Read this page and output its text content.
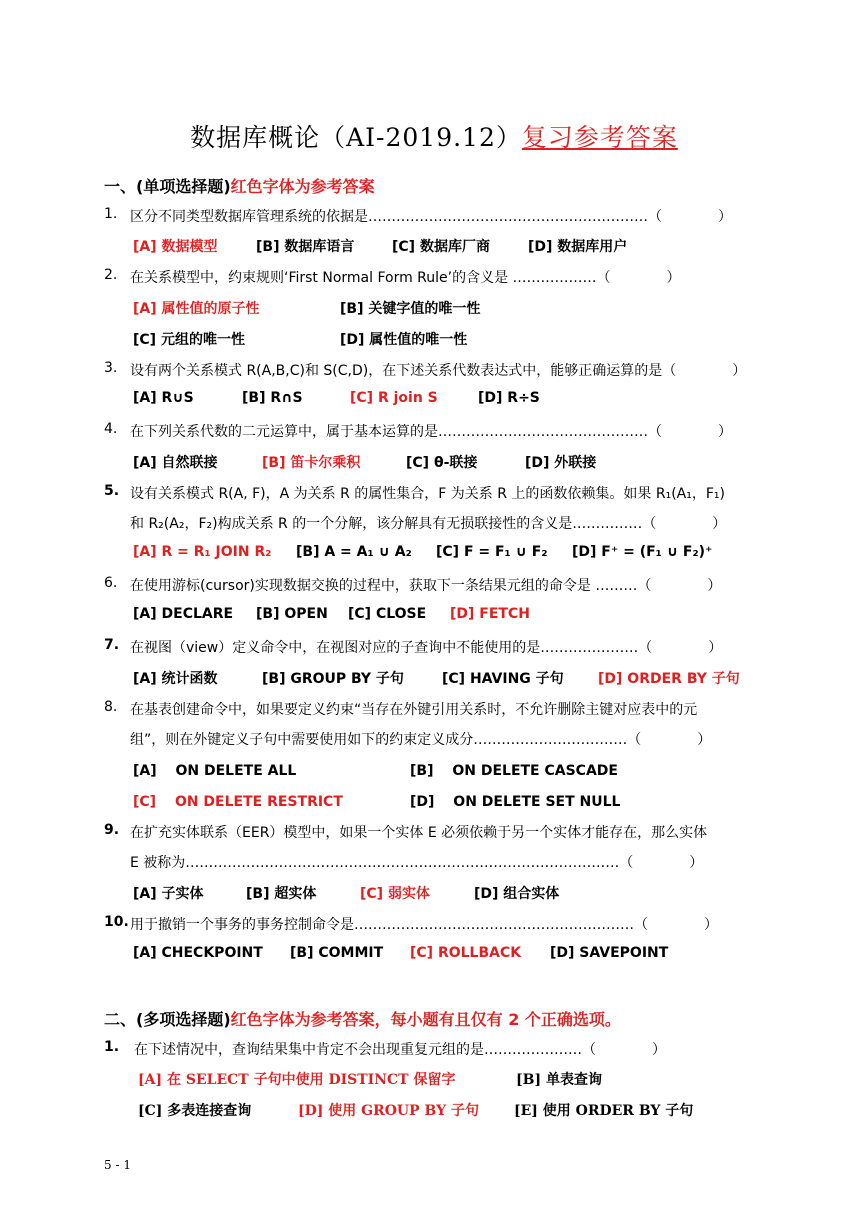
数据库概论（AI-2019.12）复习参考答案
一、(单项选择题)红色字体为参考答案
1. 区分不同类型数据库管理系统的依据是……………………………………………………（　　　　）
[A] 数据模型	[B] 数据库语言	[C] 数据库厂商	[D] 数据库用户
2. 在关系模型中，约束规则‘First Normal Form Rule’的含义是 ………………（　　　　）
[A] 属性值的原子性	[B] 关键字值的唯一性
[C] 元组的唯一性	[D] 属性值的唯一性
3. 设有两个关系模式 R(A,B,C)和 S(C,D)，在下述关系代数表达式中，能够正确运算的是（　　　　）
[A] R∪S	[B] R∩S	[C] R join S	[D] R÷S
4. 在下列关系代数的二元运算中，属于基本运算的是………………………………………（　　　　）
[A] 自然联接	[B] 笛卡尔乘积	[C] θ-联接	[D] 外联接
5. 设有关系模式 R(A, F)，A 为关系 R 的属性集合，F 为关系 R 上的函数依赖集。如果 R₁(A₁，F₁)
和 R₂(A₂，F₂)构成关系 R 的一个分解，该分解具有无损联接性的含义是……………（　　　　）
[A] R = R₁ JOIN R₂ [B] A = A₁ ∪ A₂ [C] F = F₁ ∪ F₂ [D] F⁺ = (F₁ ∪ F₂)⁺
6. 在使用游标(cursor)实现数据交换的过程中，获取下一条结果元组的命令是 ………（　　　　）
[A] DECLARE [B] OPEN [C] CLOSE [D] FETCH
7. 在视图（view）定义命令中，在视图对应的子查询中不能使用的是…………………（　　　　）
[A] 统计函数	[B] GROUP BY 子句	[C] HAVING 子句 [D] ORDER BY 子句
8. 在基表创建命令中，如果要定义约束“当存在外键引用关系时，不允许删除主键对应表中的元
组”，则在外键定义子句中需要使用如下的约束定义成分……………………………（　　　　）
[A]　 ON DELETE ALL	[B]　 ON DELETE CASCADE
[C]　 ON DELETE RESTRICT	[D]　 ON DELETE SET NULL
9. 在扩充实体联系（EER）模型中，如果一个实体 E 必须依赖于另一个实体才能存在，那么实体
E 被称为…………………………………………………………………………………（　　　　）
[A] 子实体	[B] 超实体	[C] 弱实体	[D] 组合实体
10. 用于撤销一个事务的事务控制命令是……………………………………………………（　　　　）
[A] CHECKPOINT [B] COMMIT [C] ROLLBACK [D] SAVEPOINT
二、(多项选择题)红色字体为参考答案，每小题有且仅有 2 个正确选项。
1. 在下述情况中，查询结果集中肯定不会出现重复元组的是…………………（　　　　）
[A] 在 SELECT 子句中使用 DISTINCT 保留字	[B] 单表查询
[C] 多表连接查询	[D] 使用 GROUP BY 子句	[E] 使用 ORDER BY 子句
5 - 1
